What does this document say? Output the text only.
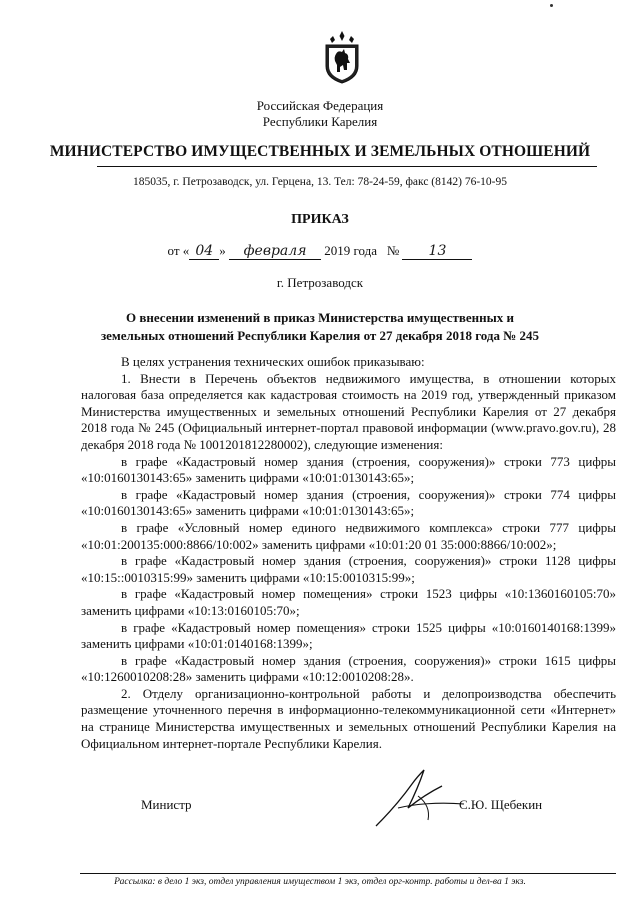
Российская Федерация
Республики Карелия
МИНИСТЕРСТВО ИМУЩЕСТВЕННЫХ И ЗЕМЕЛЬНЫХ ОТНОШЕНИЙ
185035, г. Петрозаводск, ул. Герцена, 13. Тел: 78-24-59, факс (8142) 76-10-95
ПРИКАЗ
от « 04 » февраля 2019 года № 13
г. Петрозаводск
О внесении изменений в приказ Министерства имущественных и
земельных отношений Республики Карелия от 27 декабря 2018 года № 245

В целях устранения технических ошибок приказываю:

1. Внести в Перечень объектов недвижимого имущества, в отношении которых налоговая база определяется как кадастровая стоимость на 2019 год, утвержденный приказом Министерства имущественных и земельных отношений Республики Карелия от 27 декабря 2018 года № 245 (Официальный интернет-портал правовой информации (www.pravo.gov.ru), 28 декабря 2018 года № 1001201812280002), следующие изменения:

в графе «Кадастровый номер здания (строения, сооружения)» строки 773 цифры «10:0160130143:65» заменить цифрами «10:01:0130143:65»;

в графе «Кадастровый номер здания (строения, сооружения)» строки 774 цифры «10:0160130143:65» заменить цифрами «10:01:0130143:65»;

в графе «Условный номер единого недвижимого комплекса» строки 777 цифры «10:01:200135:000:8866/10:002» заменить цифрами «10:01:20 01 35:000:8866/10:002»;

в графе «Кадастровый номер здания (строения, сооружения)» строки 1128 цифры «10:15::0010315:99» заменить цифрами «10:15:0010315:99»;

в графе «Кадастровый номер помещения» строки 1523 цифры «10:1360160105:70» заменить цифрами «10:13:0160105:70»;

в графе «Кадастровый номер помещения» строки 1525 цифры «10:0160140168:1399» заменить цифрами «10:01:0140168:1399»;

в графе «Кадастровый номер здания (строения, сооружения)» строки 1615 цифры «10:1260010208:28» заменить цифрами «10:12:0010208:28».

2. Отделу организационно-контрольной работы и делопроизводства обеспечить размещение уточненного перечня в информационно-телекоммуникационной сети «Интернет» на странице Министерства имущественных и земельных отношений Республики Карелия на Официальном интернет-портале Республики Карелия.

Министр	С.Ю. Щебекин
Рассылка: в дело 1 экз, отдел управления имуществом 1 экз, отдел орг-контр. работы и дел-ва 1 экз.
